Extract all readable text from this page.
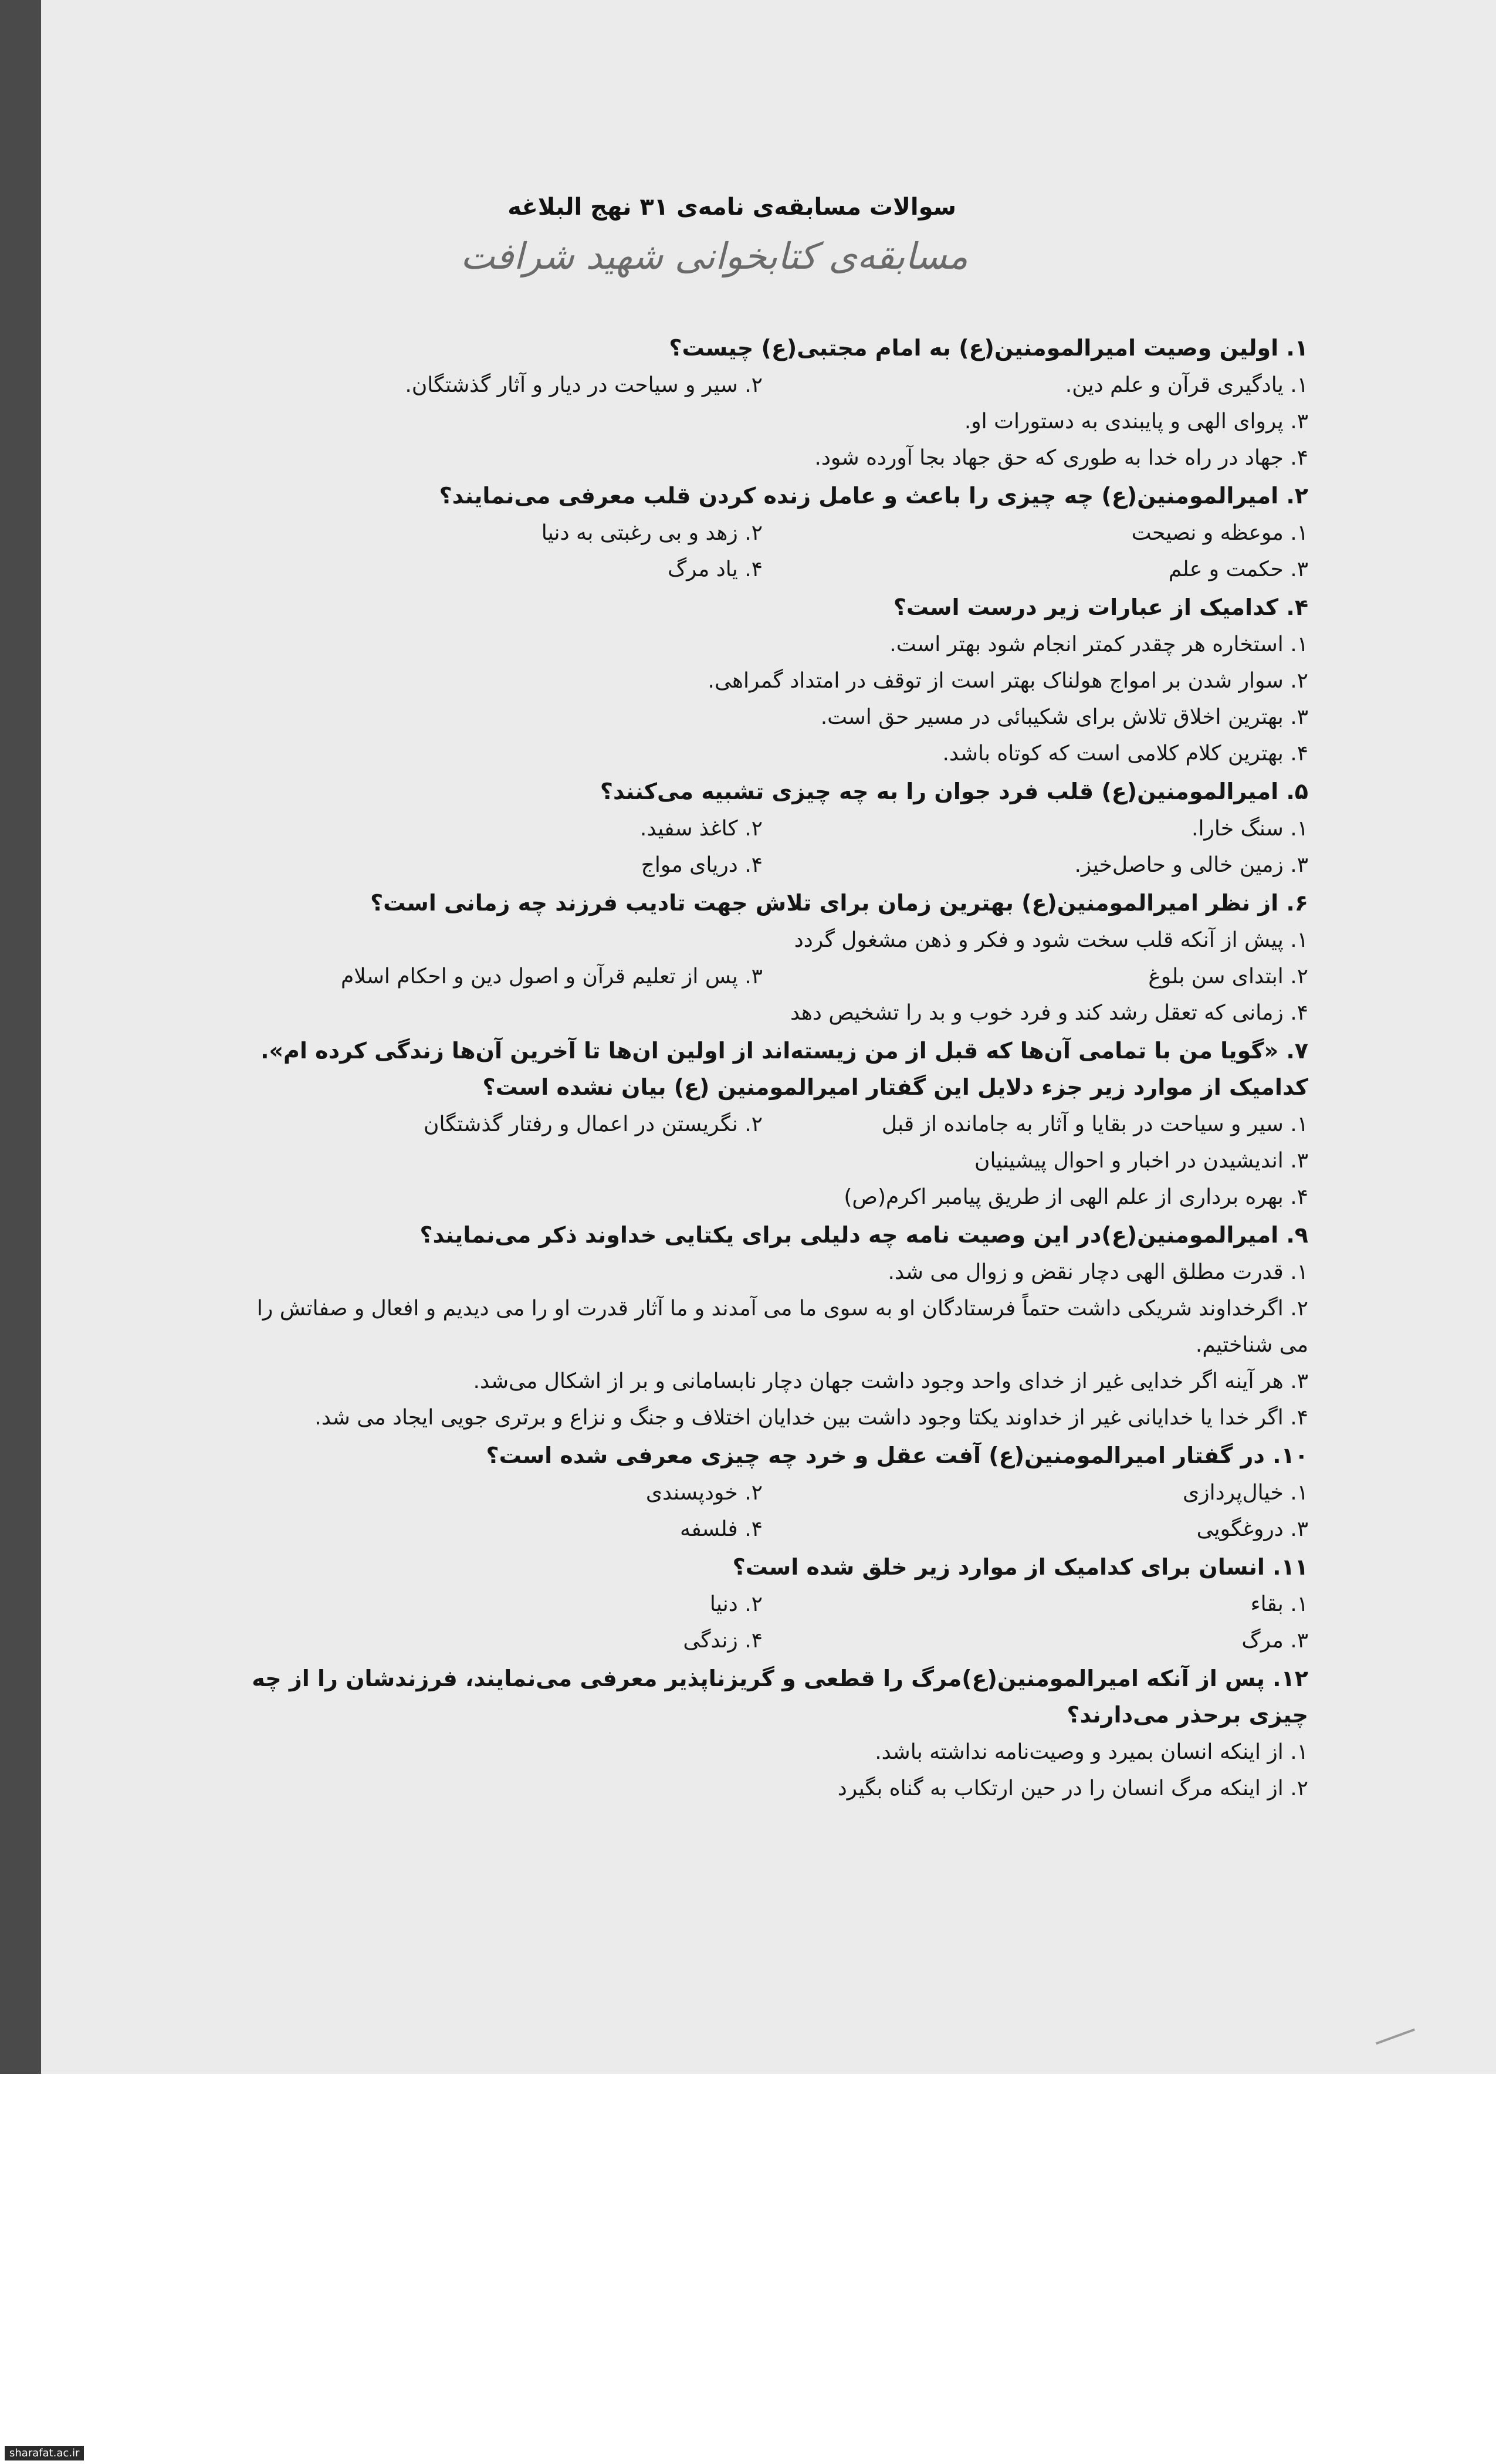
سوالات مسابقه‌ی نامه‌ی ۳۱ نهج البلاغه
مسابقه‌ی کتابخوانی شهید شرافت
۱. اولین وصیت امیرالمومنین(ع) به امام مجتبی(ع) چیست؟
۱. یادگیری قرآن و علم دین.
۲. سیر و سیاحت در دیار و آثار گذشتگان.
۳. پروای الهی و پایبندی به دستورات او.
۴. جهاد در راه خدا به طوری که حق جهاد بجا آورده شود.
۲. امیرالمومنین(ع) چه چیزی را باعث و عامل زنده کردن قلب معرفی می‌نمایند؟
۱. موعظه و نصیحت
۲. زهد و بی رغبتی به دنیا
۳. حکمت و علم
۴. یاد مرگ
۴. کدامیک از عبارات زیر درست است؟
۱. استخاره هر چقدر کمتر انجام شود بهتر است.
۲. سوار شدن بر امواج هولناک بهتر است از توقف در امتداد گمراهی.
۳. بهترین اخلاق تلاش برای شکیبائی در مسیر حق است.
۴. بهترین کلام کلامی است که کوتاه باشد.
۵. امیرالمومنین(ع) قلب فرد جوان را به چه چیزی تشبیه می‌کنند؟
۱. سنگ خارا.
۲. کاغذ سفید.
۳. زمین خالی و حاصل‌خیز.
۴. دریای مواج
۶. از نظر امیرالمومنین(ع) بهترین زمان برای تلاش جهت تادیب فرزند چه زمانی است؟
۱. پیش از آنکه قلب سخت شود و فکر و ذهن مشغول گردد
۲. ابتدای سن بلوغ
۳. پس از تعلیم قرآن و اصول دین و احکام اسلام
۴. زمانی که تعقل رشد کند و فرد خوب و بد را تشخیص دهد
۷. «گویا من با تمامی آن‌ها که قبل از من زیسته‌اند از اولین ان‌ها تا آخرین آن‌ها زندگی کرده ام». کدامیک از موارد زیر جزء دلایل این گفتار امیرالمومنین (ع) بیان نشده است؟
۱. سیر و سیاحت در بقایا و آثار به جامانده از قبل
۲. نگریستن در اعمال و رفتار گذشتگان
۳. اندیشیدن در اخبار و احوال پیشینیان
۴. بهره برداری از علم الهی از طریق پیامبر اکرم(ص)
۹. امیرالمومنین(ع)در این وصیت نامه چه دلیلی برای یکتایی خداوند ذکر می‌نمایند؟
۱. قدرت مطلق الهی دچار نقض و زوال می شد.
۲. اگرخداوند شریکی داشت حتماً فرستادگان او به سوی ما می آمدند و ما آثار قدرت او را می دیدیم و افعال و صفاتش را می شناختیم.
۳. هر آینه اگر خدایی غیر از خدای واحد وجود داشت جهان دچار نابسامانی و بر از اشکال می‌شد.
۴. اگر خدا یا خدایانی غیر از خداوند یکتا وجود داشت بین خدایان اختلاف و جنگ و نزاع و برتری جویی ایجاد می شد.
۱۰. در گفتار امیرالمومنین(ع) آفت عقل و خرد چه چیزی معرفی شده است؟
۱. خیال‌پردازی
۲. خودپسندی
۳. دروغگویی
۴. فلسفه
۱۱. انسان برای کدامیک از موارد زیر خلق شده است؟
۱. بقاء
۲. دنیا
۳. مرگ
۴. زندگی
۱۲. پس از آنکه امیرالمومنین(ع)مرگ را قطعی و گریزناپذیر معرفی می‌نمایند، فرزندشان را از چه چیزی برحذر می‌دارند؟
۱. از اینکه انسان بمیرد و وصیت‌نامه نداشته باشد.
۲. از اینکه مرگ انسان را در حین ارتکاب به گناه بگیرد
sharafat.ac.ir
